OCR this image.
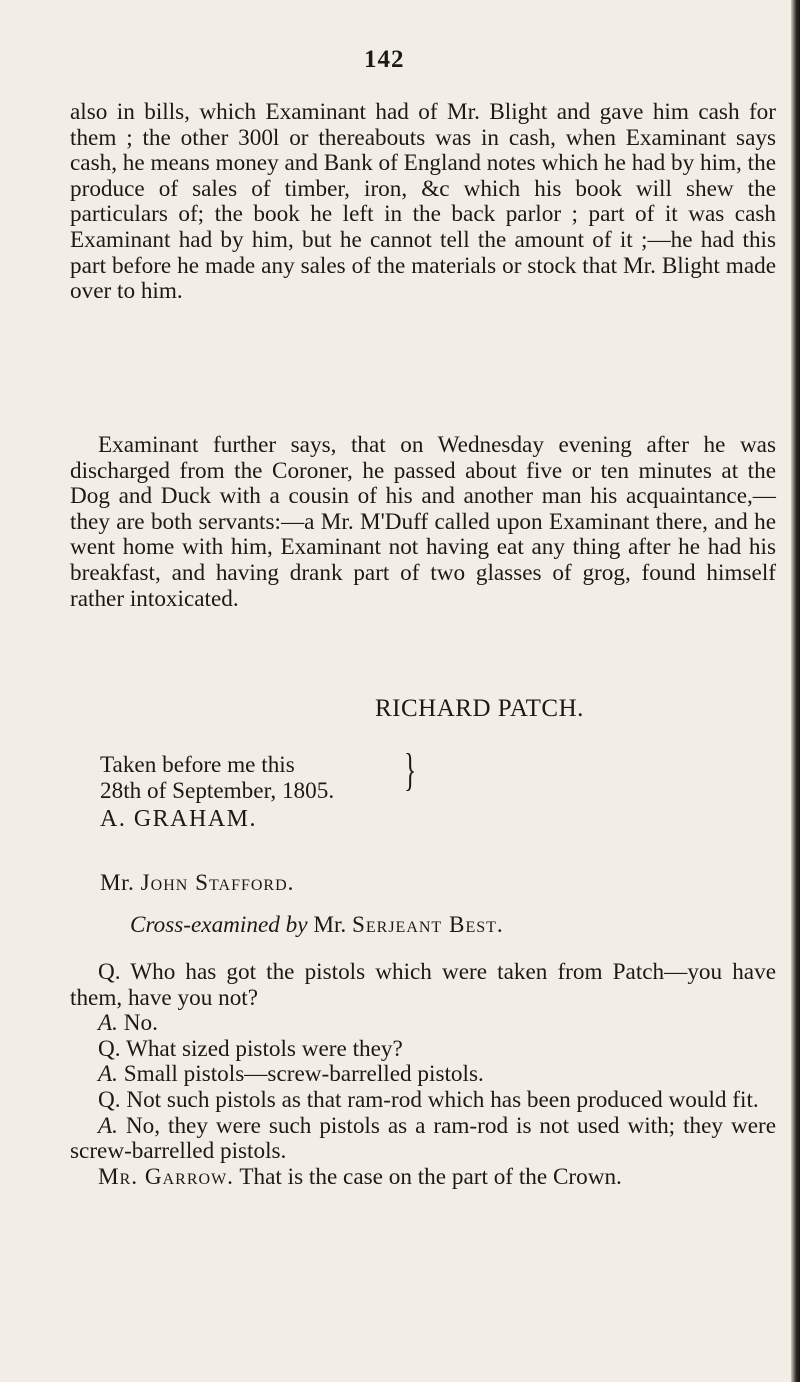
142

also in bills, which Examinant had of Mr. Blight and gave him cash for them ; the other 300l or thereabouts was in cash, when Examinant says cash, he means money and Bank of England notes which he had by him, the produce of sales of timber, iron, &c which his book will shew the particulars of; the book he left in the back parlor ; part of it was cash Examinant had by him, but he cannot tell the amount of it ;—he had this part before he made any sales of the materials or stock that Mr. Blight made over to him.

Examinant further says, that on Wednesday evening after he was discharged from the Coroner, he passed about five or ten minutes at the Dog and Duck with a cousin of his and another man his acquaintance,—they are both servants:—a Mr. M'Duff called upon Examinant there, and he went home with him, Examinant not having eat any thing after he had his breakfast, and having drank part of two glasses of grog, found himself rather intoxicated.

RICHARD PATCH.
Taken before me this
28th of September, 1805. }
A. GRAHAM.
Mr. John Stafford.
Cross-examined by Mr. Serjeant Best.

Q. Who has got the pistols which were taken from Patch—you have them, have you not?

A. No.

Q. What sized pistols were they?

A. Small pistols—screw-barrelled pistols.

Q. Not such pistols as that ram-rod which has been produced would fit.

A. No, they were such pistols as a ram-rod is not used with; they were screw-barrelled pistols.

Mr. Garrow. That is the case on the part of the Crown.
